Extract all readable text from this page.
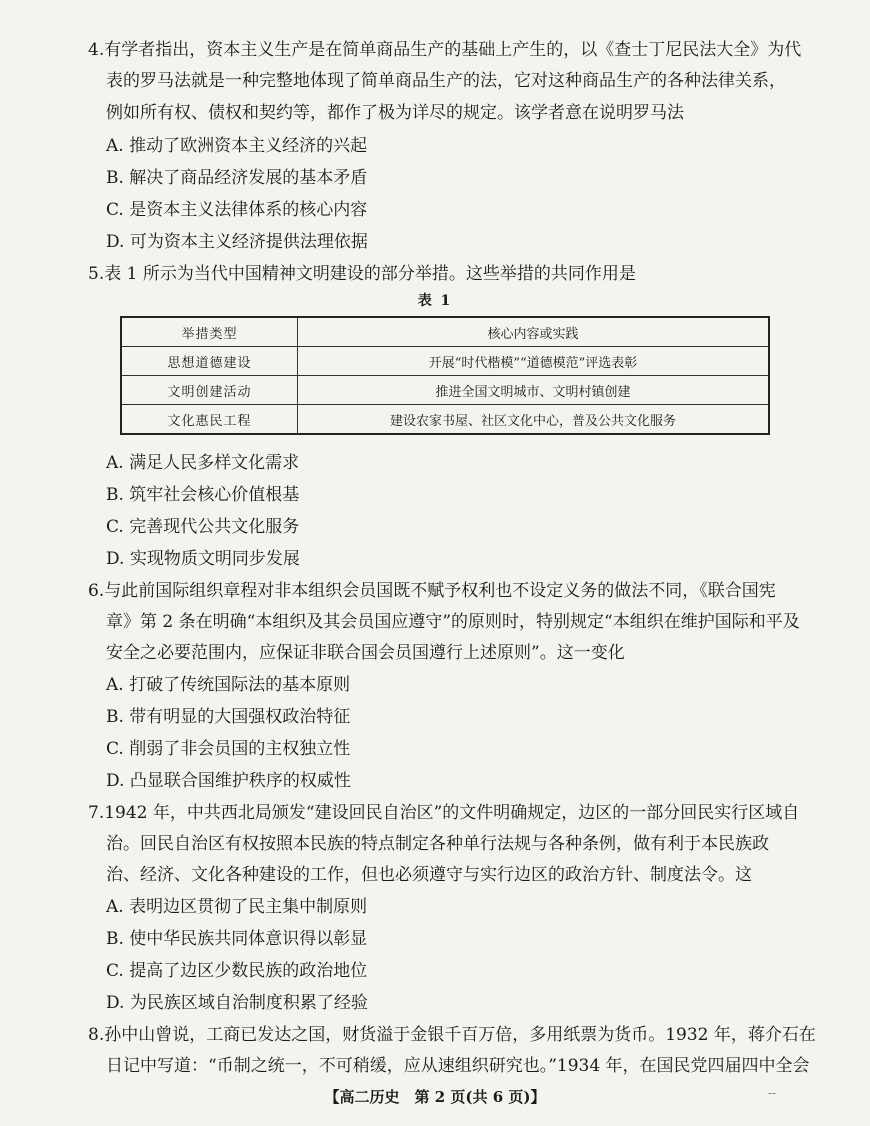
4.有学者指出，资本主义生产是在简单商品生产的基础上产生的，以《查士丁尼民法大全》为代
表的罗马法就是一种完整地体现了简单商品生产的法，它对这种商品生产的各种法律关系，
例如所有权、债权和契约等，都作了极为详尽的规定。该学者意在说明罗马法
A. 推动了欧洲资本主义经济的兴起
B. 解决了商品经济发展的基本矛盾
C. 是资本主义法律体系的核心内容
D. 可为资本主义经济提供法理依据
5.表 1 所示为当代中国精神文明建设的部分举措。这些举措的共同作用是
表 1
举措类型	核心内容或实践
思想道德建设	开展“时代楷模”“道德模范”评选表彰
文明创建活动	推进全国文明城市、文明村镇创建
文化惠民工程	建设农家书屋、社区文化中心，普及公共文化服务
A. 满足人民多样文化需求
B. 筑牢社会核心价值根基
C. 完善现代公共文化服务
D. 实现物质文明同步发展
6.与此前国际组织章程对非本组织会员国既不赋予权利也不设定义务的做法不同，《联合国宪
章》第 2 条在明确“本组织及其会员国应遵守”的原则时，特别规定“本组织在维护国际和平及
安全之必要范围内，应保证非联合国会员国遵行上述原则”。这一变化
A. 打破了传统国际法的基本原则
B. 带有明显的大国强权政治特征
C. 削弱了非会员国的主权独立性
D. 凸显联合国维护秩序的权威性
7.1942 年，中共西北局颁发“建设回民自治区”的文件明确规定，边区的一部分回民实行区域自
治。回民自治区有权按照本民族的特点制定各种单行法规与各种条例，做有利于本民族政
治、经济、文化各种建设的工作，但也必须遵守与实行边区的政治方针、制度法令。这
A. 表明边区贯彻了民主集中制原则
B. 使中华民族共同体意识得以彰显
C. 提高了边区少数民族的政治地位
D. 为民族区域自治制度积累了经验
8.孙中山曾说，工商已发达之国，财货溢于金银千百万倍，多用纸票为货币。1932 年，蒋介石在
日记中写道：“币制之统一，不可稍缓，应从速组织研究也。”1934 年，在国民党四届四中全会
【高二历史　第 2 页(共 6 页)】	--
